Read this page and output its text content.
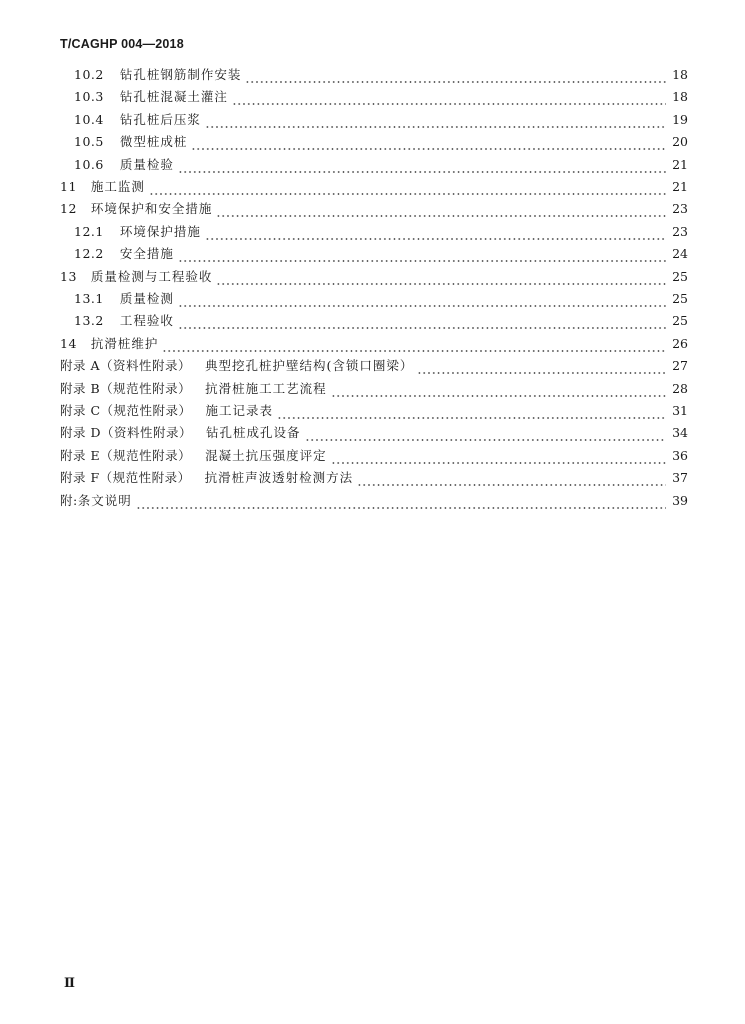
T/CAGHP 004—2018
10.2	钻孔桩钢筋制作安装	18
10.3	钻孔桩混凝土灌注	18
10.4	钻孔桩后压浆	19
10.5	微型桩成桩	20
10.6	质量检验	21
11	施工监测	21
12	环境保护和安全措施	23
12.1	环境保护措施	23
12.2	安全措施	24
13	质量检测与工程验收	25
13.1	质量检测	25
13.2	工程验收	25
14	抗滑桩维护	26
附录 A（资料性附录）	典型挖孔桩护壁结构(含锁口圈梁）	27
附录 B（规范性附录）	抗滑桩施工工艺流程	28
附录 C（规范性附录）	施工记录表	31
附录 D（资料性附录）	钻孔桩成孔设备	34
附录 E（规范性附录）	混凝土抗压强度评定	36
附录 F（规范性附录）	抗滑桩声波透射检测方法	37
附: 条文说明	39
Ⅱ
